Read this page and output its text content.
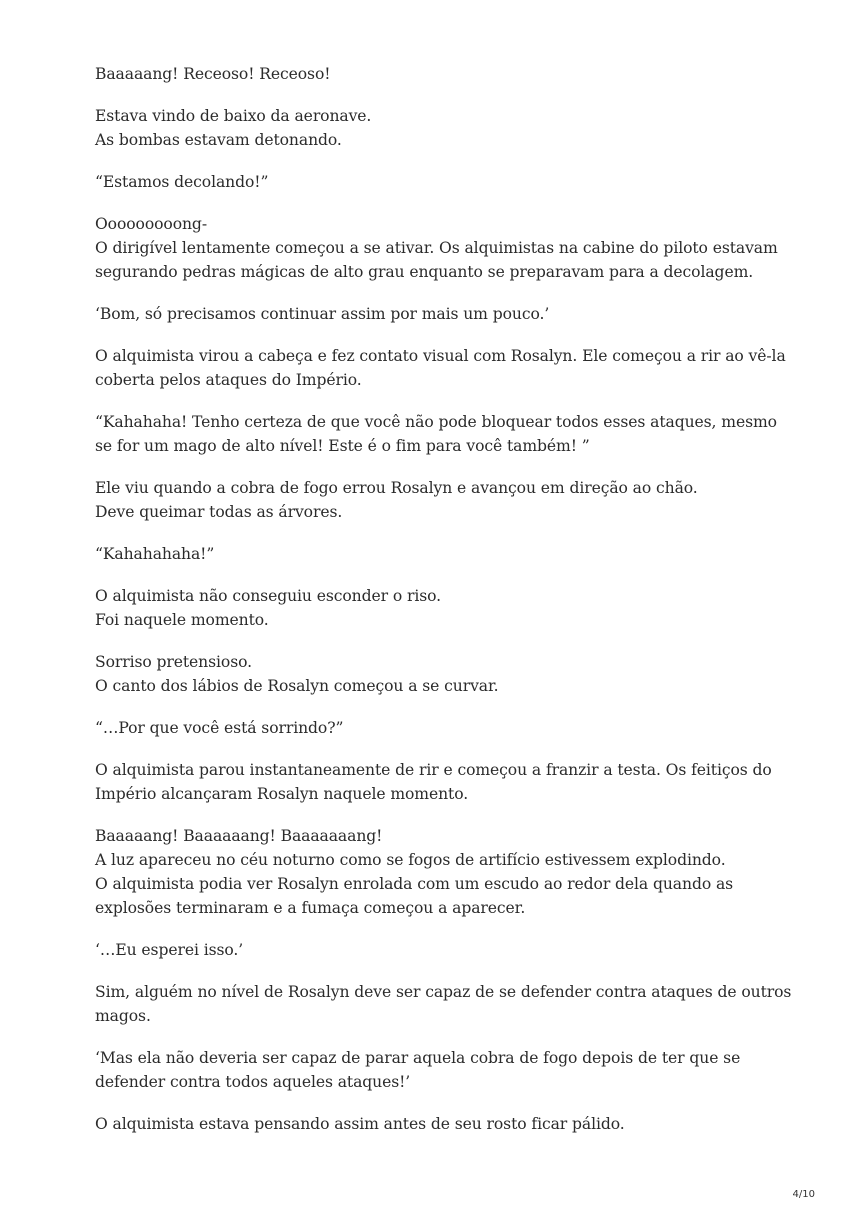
Baaaaang! Receoso! Receoso!

Estava vindo de baixo da aeronave.
As bombas estavam detonando.

“Estamos decolando!”

Ooooooooong-
O dirigível lentamente começou a se ativar. Os alquimistas na cabine do piloto estavam segurando pedras mágicas de alto grau enquanto se preparavam para a decolagem.

‘Bom, só precisamos continuar assim por mais um pouco.’

O alquimista virou a cabeça e fez contato visual com Rosalyn. Ele começou a rir ao vê-la coberta pelos ataques do Império.

“Kahahaha! Tenho certeza de que você não pode bloquear todos esses ataques, mesmo se for um mago de alto nível! Este é o fim para você também! ”

Ele viu quando a cobra de fogo errou Rosalyn e avançou em direção ao chão.
Deve queimar todas as árvores.

“Kahahahaha!”

O alquimista não conseguiu esconder o riso.
Foi naquele momento.

Sorriso pretensioso.
O canto dos lábios de Rosalyn começou a se curvar.

“…Por que você está sorrindo?”

O alquimista parou instantaneamente de rir e começou a franzir a testa. Os feitiços do Império alcançaram Rosalyn naquele momento.

Baaaaang! Baaaaaang! Baaaaaaang!
A luz apareceu no céu noturno como se fogos de artifício estivessem explodindo.
O alquimista podia ver Rosalyn enrolada com um escudo ao redor dela quando as explosões terminaram e a fumaça começou a aparecer.

‘…Eu esperei isso.’

Sim, alguém no nível de Rosalyn deve ser capaz de se defender contra ataques de outros magos.

‘Mas ela não deveria ser capaz de parar aquela cobra de fogo depois de ter que se defender contra todos aqueles ataques!’

O alquimista estava pensando assim antes de seu rosto ficar pálido.

4/10
